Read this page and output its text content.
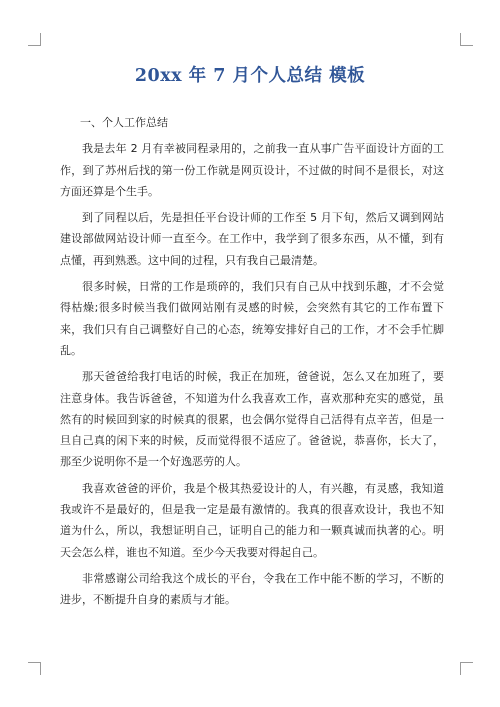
20xx 年 7 月个人总结 模板

一、个人工作总结

我是去年 2 月有幸被同程录用的，之前我一直从事广告平面设计方面的工作，到了苏州后找的第一份工作就是网页设计，不过做的时间不是很长，对这方面还算是个生手。

到了同程以后，先是担任平台设计师的工作至 5 月下旬，然后又调到网站建设部做网站设计师一直至今。在工作中，我学到了很多东西，从不懂，到有点懂，再到熟悉。这中间的过程，只有我自己最清楚。

很多时候，日常的工作是琐碎的，我们只有自己从中找到乐趣，才不会觉得枯燥;很多时候当我们做网站刚有灵感的时候，会突然有其它的工作布置下来，我们只有自己调整好自己的心态，统筹安排好自己的工作，才不会手忙脚乱。

那天爸爸给我打电话的时候，我正在加班，爸爸说，怎么又在加班了，要注意身体。我告诉爸爸，不知道为什么我喜欢工作，喜欢那种充实的感觉，虽然有的时候回到家的时候真的很累，也会偶尔觉得自己活得有点辛苦，但是一旦自己真的闲下来的时候，反而觉得很不适应了。爸爸说，恭喜你，长大了，那至少说明你不是一个好逸恶劳的人。

我喜欢爸爸的评价，我是个极其热爱设计的人，有兴趣，有灵感，我知道我或许不是最好的，但是我一定是最有激情的。我真的很喜欢设计，我也不知道为什么，所以，我想证明自己，证明自己的能力和一颗真诚而执著的心。明天会怎么样，谁也不知道。至少今天我要对得起自己。

非常感谢公司给我这个成长的平台，令我在工作中能不断的学习，不断的进步，不断提升自身的素质与才能。
